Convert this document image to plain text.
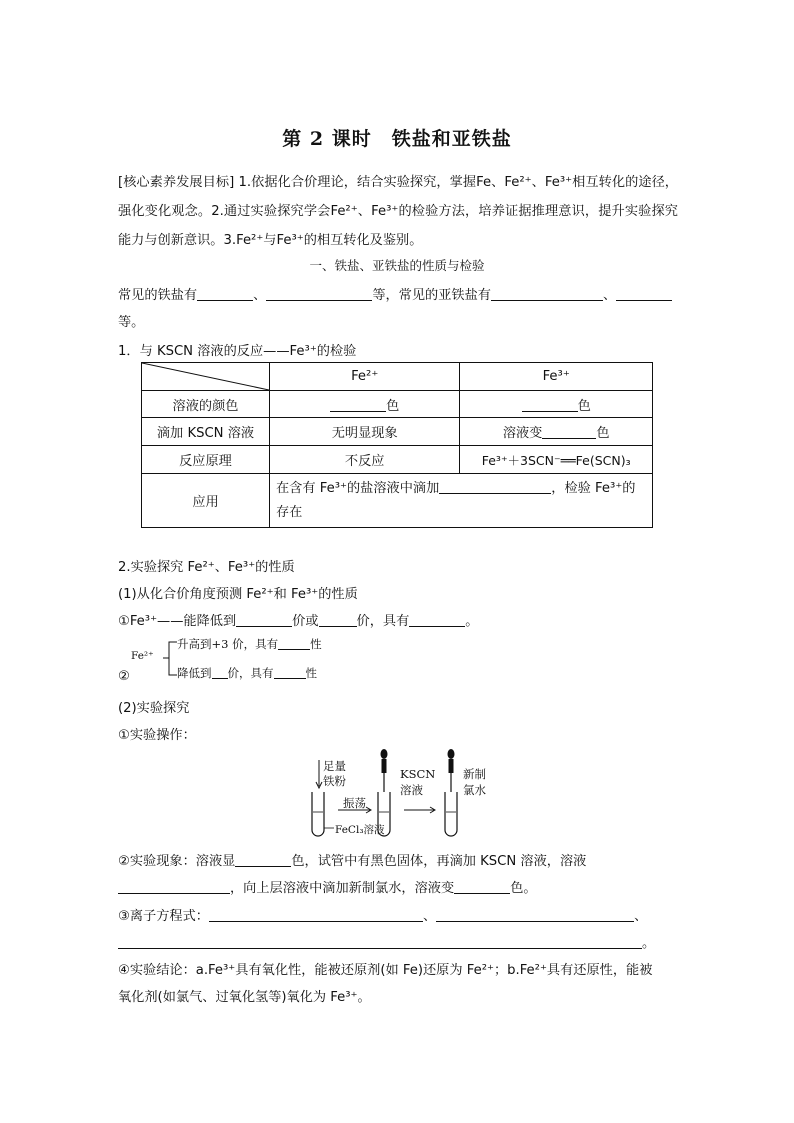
第 2 课时　铁盐和亚铁盐
[核心素养发展目标] 1.依据化合价理论，结合实验探究，掌握Fe、Fe²⁺、Fe³⁺相互转化的途径，强化变化观念。2.通过实验探究学会Fe²⁺、Fe³⁺的检验方法，培养证据推理意识，提升实验探究能力与创新意识。3.Fe²⁺与Fe³⁺的相互转化及鉴别。
一、铁盐、亚铁盐的性质与检验
常见的铁盐有	、	等，常见的亚铁盐有	、
等。
1．与 KSCN 溶液的反应——Fe³⁺的检验
	Fe²⁺	Fe³⁺
溶液的颜色	色	色
滴加 KSCN 溶液	无明显现象	溶液变 色
反应原理	不反应	Fe³⁺＋3SCN⁻══Fe(SCN)₃
应用	在含有 Fe³⁺的盐溶液中滴加 ，检验 Fe³⁺的
存在	
2.实验探究 Fe²⁺、Fe³⁺的性质
(1)从化合价角度预测 Fe²⁺和 Fe³⁺的性质
①Fe³⁺——能降低到	价或	价，具有	。
Fe²⁺
升高到+3 价，具有	性
降低到 价，具有	性
②
(2)实验探究
①实验操作：
足量
铁粉
FeCl₃溶液
振荡
KSCN
溶液
新制
氯水
②实验现象：溶液显	色，试管中有黑色固体，再滴加 KSCN 溶液，溶液
，向上层溶液中滴加新制氯水，溶液变	色。
③离子方程式：	、	、
。
④实验结论：a.Fe³⁺具有氧化性，能被还原剂(如 Fe)还原为 Fe²⁺；b.Fe²⁺具有还原性，能被
氧化剂(如氯气、过氧化氢等)氧化为 Fe³⁺。
